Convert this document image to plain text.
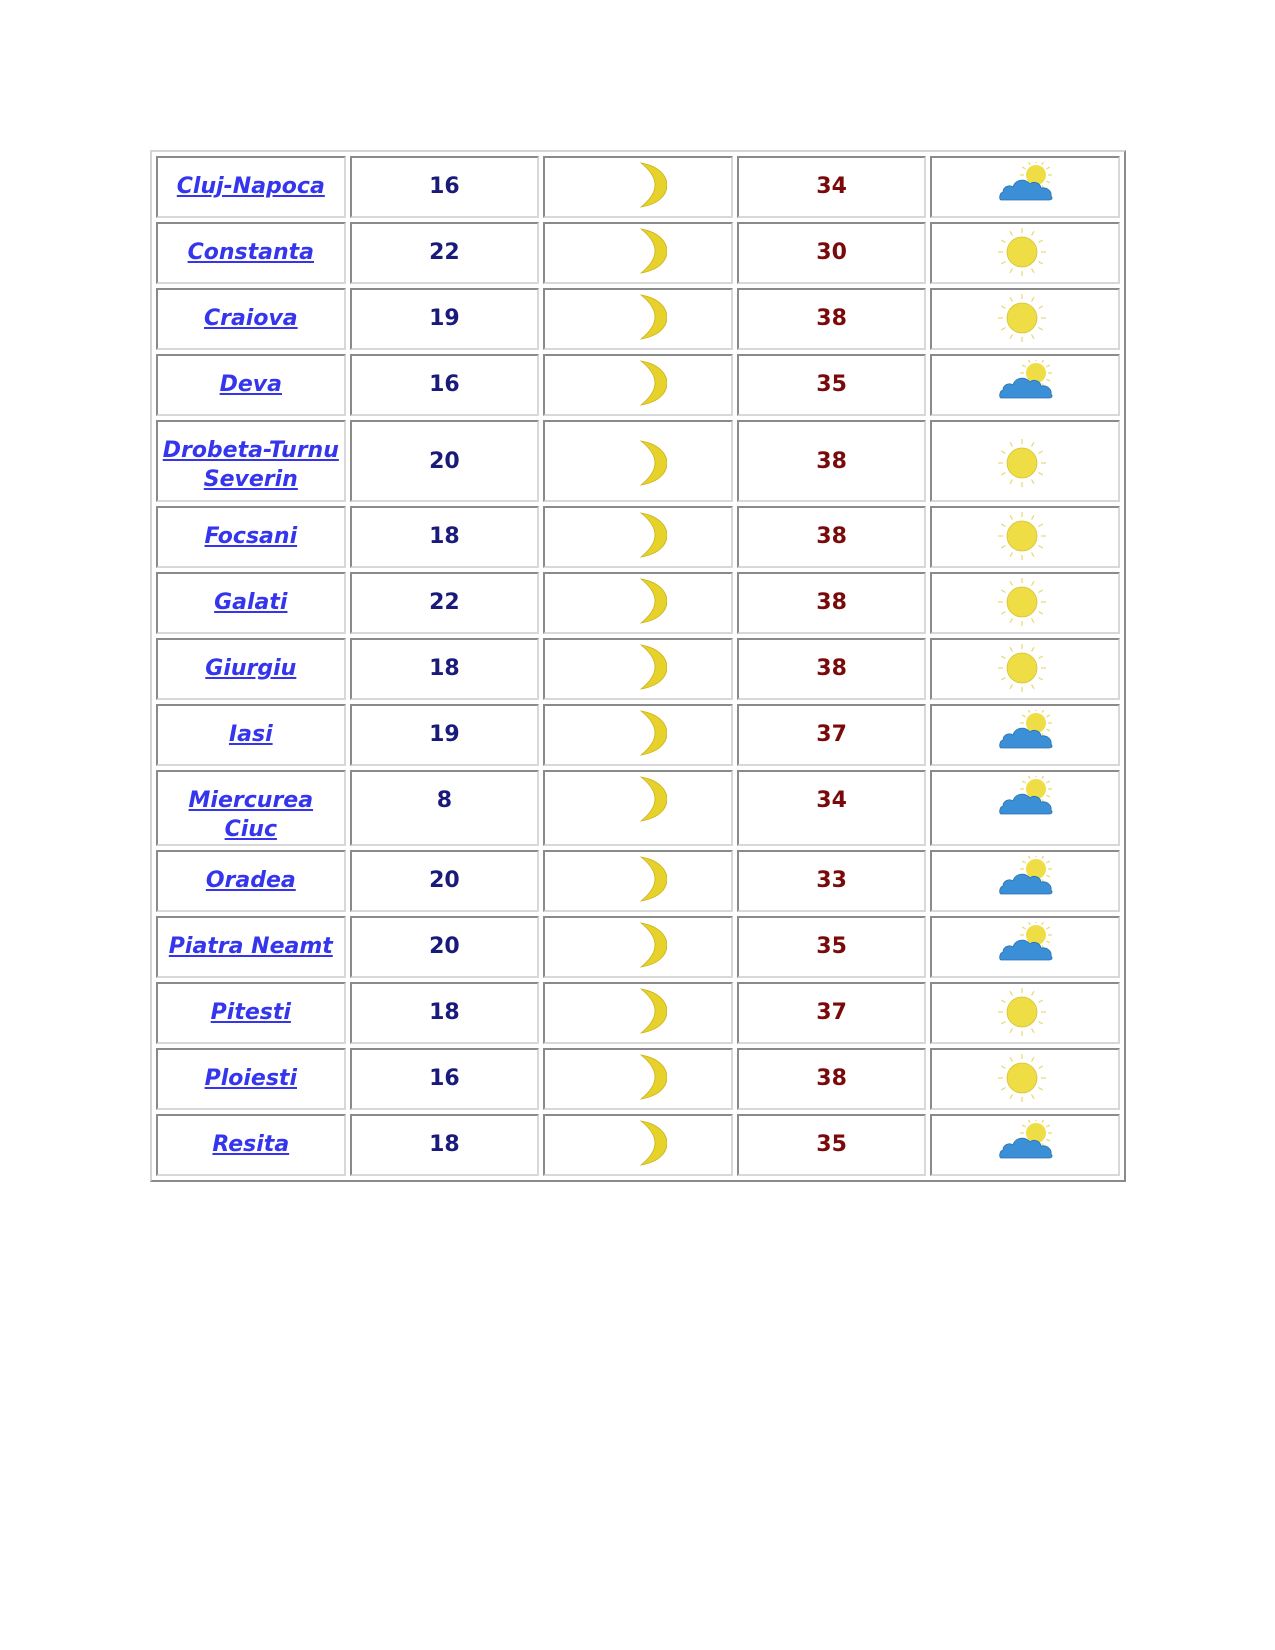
Cluj-Napoca	16		34	

Constanta	22		30	

Craiova	19		38	

Deva	16		35	

Drobeta-Turnu Severin	20		38	

Focsani	18		38	

Galati	22		38	

Giurgiu	18		38	

Iasi	19		37	

Miercurea Ciuc	8		34	

Oradea	20		33	

Piatra Neamt	20		35	

Pitesti	18		37	

Ploiesti	16		38	

Resita	18		35	
